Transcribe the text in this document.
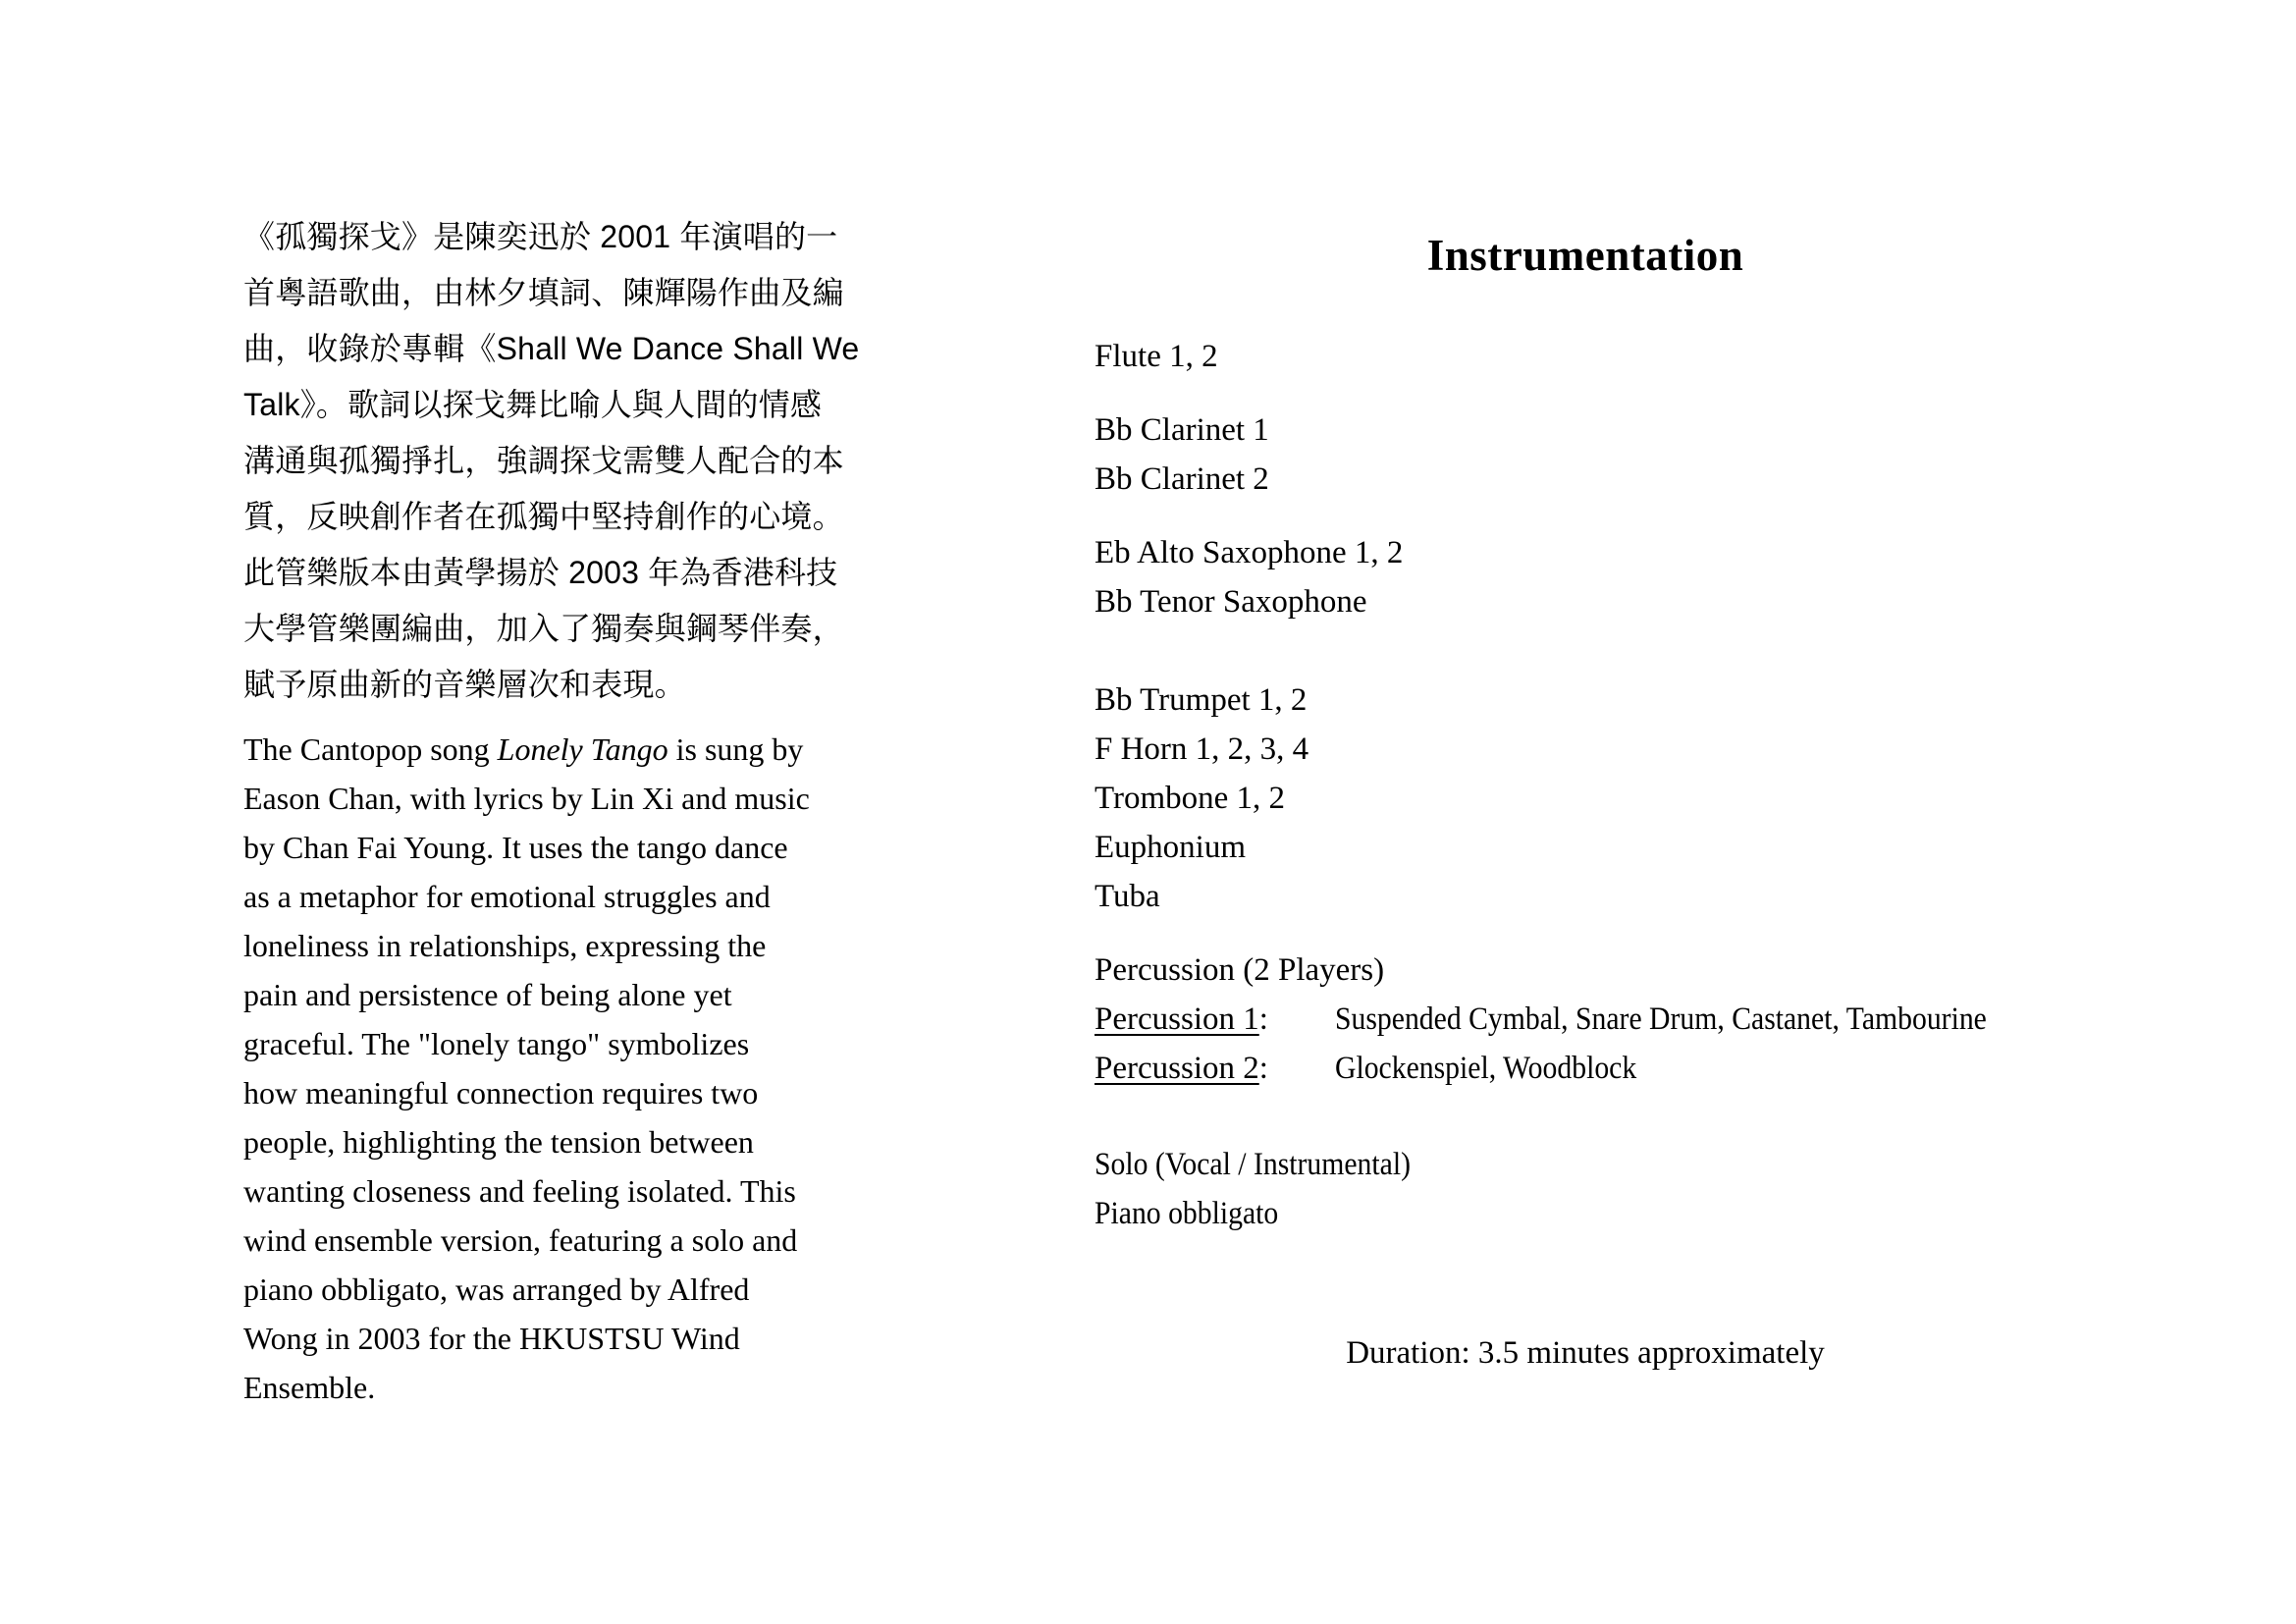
《孤獨探戈》是陳奕迅於 2001 年演唱的一
首粵語歌曲，由林夕填詞、陳輝陽作曲及編
曲，收錄於專輯《Shall We Dance Shall We
Talk》。歌詞以探戈舞比喻人與人間的情感
溝通與孤獨掙扎，強調探戈需雙人配合的本
質，反映創作者在孤獨中堅持創作的心境。
此管樂版本由黃學揚於 2003 年為香港科技
大學管樂團編曲，加入了獨奏與鋼琴伴奏，
賦予原曲新的音樂層次和表現。
The Cantopop song Lonely Tango is sung by
Eason Chan, with lyrics by Lin Xi and music
by Chan Fai Young. It uses the tango dance
as a metaphor for emotional struggles and
loneliness in relationships, expressing the
pain and persistence of being alone yet
graceful. The "lonely tango" symbolizes
how meaningful connection requires two
people, highlighting the tension between
wanting closeness and feeling isolated. This
wind ensemble version, featuring a solo and
piano obbligato, was arranged by Alfred
Wong in 2003 for the HKUSTSU Wind
Ensemble.
Instrumentation
Flute 1, 2
Bb Clarinet 1
Bb Clarinet 2
Eb Alto Saxophone 1, 2
Bb Tenor Saxophone
Bb Trumpet 1, 2
F Horn 1, 2, 3, 4
Trombone 1, 2
Euphonium
Tuba
Percussion (2 Players)
Percussion 1: Suspended Cymbal, Snare Drum, Castanet, Tambourine
Percussion 2: Glockenspiel, Woodblock
Solo (Vocal / Instrumental)
Piano obbligato
Duration: 3.5 minutes approximately
